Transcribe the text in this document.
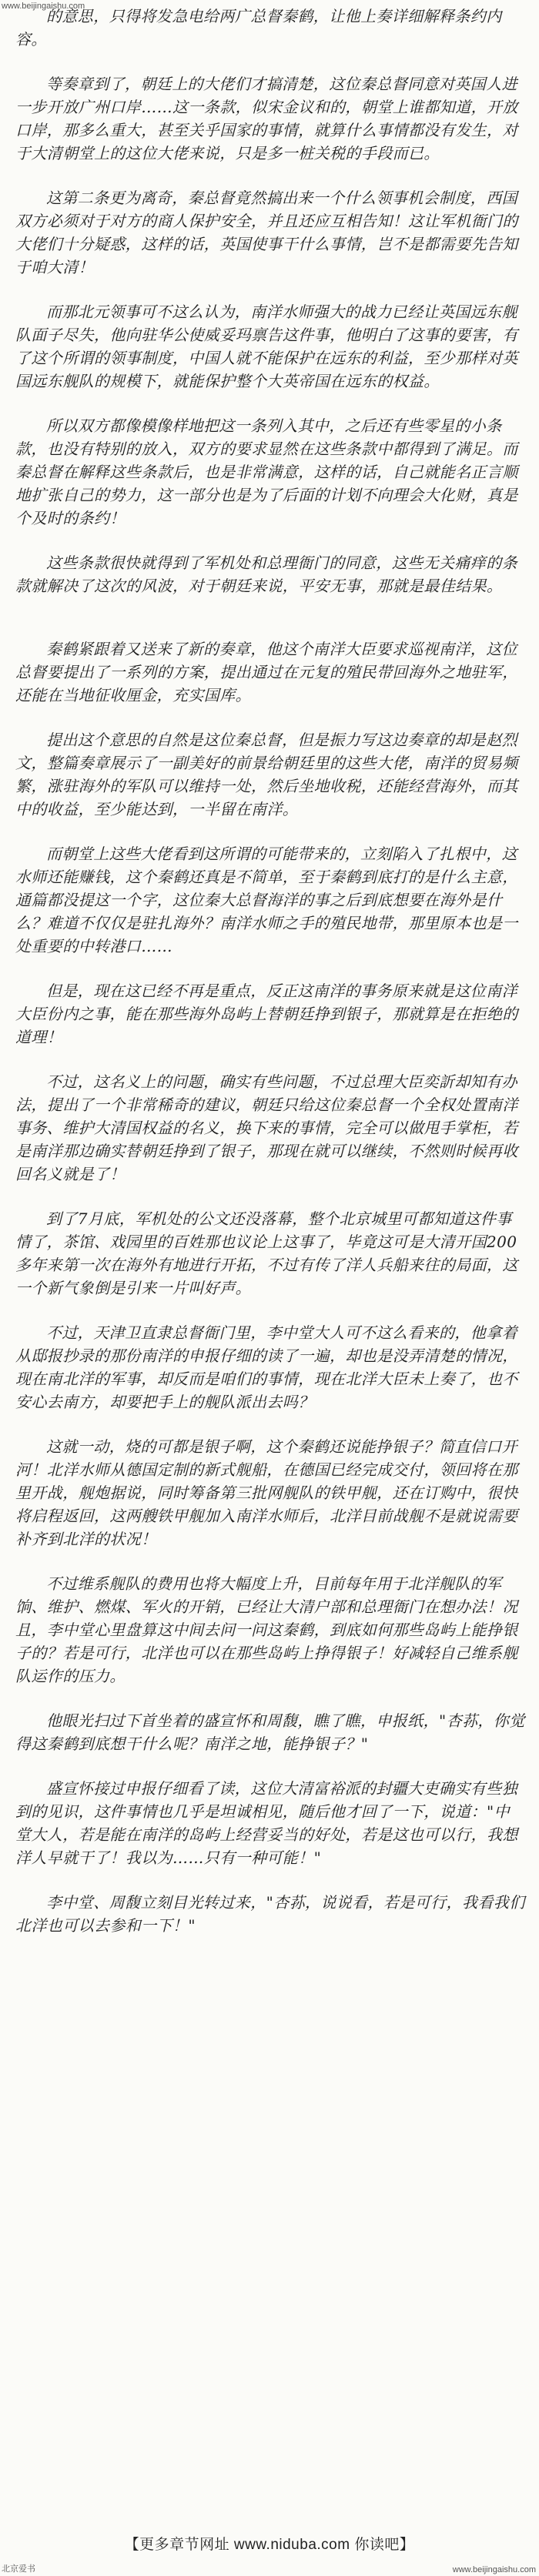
www.beijingaishu.com

的意思，只得将发急电给两广总督秦鹤，让他上奏详细解释条约内容。

等奏章到了，朝廷上的大佬们才搞清楚，这位秦总督同意对英国人进一步开放广州口岸……这一条款，似宋金议和的，朝堂上谁都知道，开放口岸，那多么重大，甚至关乎国家的事情，就算什么事情都没有发生，对于大清朝堂上的这位大佬来说，只是多一桩关税的手段而已。

这第二条更为离奇，秦总督竟然搞出来一个什么领事机会制度，西国双方必须对于对方的商人保护安全，并且还应互相告知！这让军机衙门的大佬们十分疑惑，这样的话，英国使事干什么事情，岂不是都需要先告知于咱大清！

而那北元领事可不这么认为，南洋水师强大的战力已经让英国远东舰队面子尽失，他向驻华公使威妥玛禀告这件事，他明白了这事的要害，有了这个所谓的领事制度，中国人就不能保护在远东的利益，至少那样对英国远东舰队的规模下，就能保护整个大英帝国在远东的权益。

所以双方都像模像样地把这一条列入其中，之后还有些零星的小条款，也没有特别的放入，双方的要求显然在这些条款中都得到了满足。而秦总督在解释这些条款后，也是非常满意，这样的话，自己就能名正言顺地扩张自己的势力，这一部分也是为了后面的计划不向理会大化财，真是个及时的条约！

这些条款很快就得到了军机处和总理衙门的同意，这些无关痛痒的条款就解决了这次的风波，对于朝廷来说，平安无事，那就是最佳结果。

秦鹤紧跟着又送来了新的奏章，他这个南洋大臣要求巡视南洋，这位总督要提出了一系列的方案，提出通过在元复的殖民带回海外之地驻军，还能在当地征收厘金，充实国库。

提出这个意思的自然是这位秦总督，但是振力写这边奏章的却是赵烈文，整篇奏章展示了一副美好的前景给朝廷里的这些大佬，南洋的贸易频繁，涨驻海外的军队可以维持一处，然后坐地收税，还能经营海外，而其中的收益，至少能达到，一半留在南洋。

而朝堂上这些大佬看到这所谓的可能带来的，立刻陷入了扎根中，这水师还能赚钱，这个秦鹤还真是不简单，至于秦鹤到底打的是什么主意，通篇都没提这一个字，这位秦大总督海洋的事之后到底想要在海外是什么？难道不仅仅是驻扎海外？南洋水师之手的殖民地带，那里原本也是一处重要的中转港口……

但是，现在这已经不再是重点，反正这南洋的事务原来就是这位南洋大臣份内之事，能在那些海外岛屿上替朝廷挣到银子，那就算是在拒绝的道理！

不过，这名义上的问题，确实有些问题，不过总理大臣奕訢却知有办法，提出了一个非常稀奇的建议，朝廷只给这位秦总督一个全权处置南洋事务、维护大清国权益的名义，换下来的事情，完全可以做甩手掌柜，若是南洋那边确实替朝廷挣到了银子，那现在就可以继续，不然则时候再收回名义就是了！

到了7月底，军机处的公文还没落幕，整个北京城里可都知道这件事情了，茶馆、戏园里的百姓那也议论上这事了，毕竟这可是大清开国200多年来第一次在海外有地进行开拓，不过有传了洋人兵船来往的局面，这一个新气象倒是引来一片叫好声。

不过，天津卫直隶总督衙门里，李中堂大人可不这么看来的，他拿着从邸报抄录的那份南洋的申报仔细的读了一遍，却也是没弄清楚的情况，现在南北洋的军事，却反而是咱们的事情，现在北洋大臣未上奏了，也不安心去南方，却要把手上的舰队派出去吗？

这就一动，烧的可都是银子啊，这个秦鹤还说能挣银子？简直信口开河！北洋水师从德国定制的新式舰船，在德国已经完成交付，领回将在那里开战，舰炮据说，同时筹备第三批网舰队的铁甲舰，还在订购中，很快将启程返回，这两艘铁甲舰加入南洋水师后，北洋目前战舰不是就说需要补齐到北洋的状况！

不过维系舰队的费用也将大幅度上升，目前每年用于北洋舰队的军饷、维护、燃煤、军火的开销，已经让大清户部和总理衙门在想办法！况且，李中堂心里盘算这中间去问一问这秦鹤，到底如何那些岛屿上能挣银子的？若是可行，北洋也可以在那些岛屿上挣得银子！好减轻自己维系舰队运作的压力。

他眼光扫过下首坐着的盛宣怀和周馥，瞧了瞧，申报纸，"杏荪，你觉得这秦鹤到底想干什么呢？南洋之地，能挣银子？"

盛宣怀接过申报仔细看了读，这位大清富裕派的封疆大吏确实有些独到的见识，这件事情也几乎是坦诚相见，随后他才回了一下，说道："中堂大人，若是能在南洋的岛屿上经营妥当的好处，若是这也可以行，我想洋人早就干了！我以为……只有一种可能！"

李中堂、周馥立刻目光转过来，"杏荪，说说看，若是可行，我看我们北洋也可以去参和一下！"

【更多章节网址 www.niduba.com 你读吧】
北京爱书	www.beijingaishu.com
